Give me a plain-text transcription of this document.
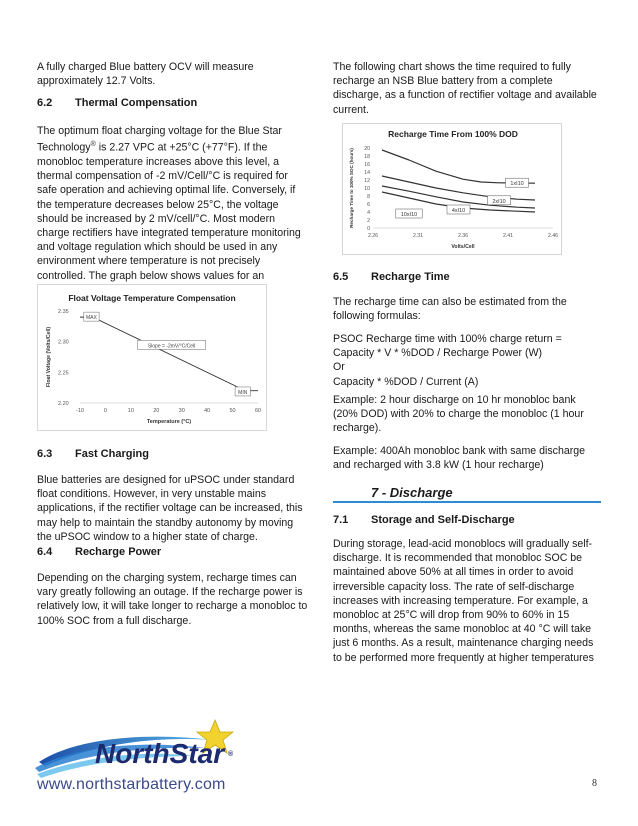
A fully charged Blue battery OCV will measure approximately 12.7 Volts.

6.2 Thermal Compensation

The optimum float charging voltage for the Blue Star Technology® is 2.27 VPC at +25°C (+77°F). If the monobloc temperature increases above this level, a thermal compensation of -2 mV/Cell/°C is required for safe operation and achieving optimal life. Conversely, if the temperature decreases below 25°C, the voltage should be increased by 2 mV/cell/°C. Most modern charge rectifiers have integrated temperature monitoring and voltage regulation which should be used in any environment where temperature is not precisely controlled. The graph below shows values for an

Float Voltage Temperature Compensation
2.35
2.30
2.25
2.20
-10	0	10	20	30	40	50	60
Temperature (°C)
Float Voltage (Volts/Cell)
MAX
Slope = -2mV/°C/Cell
MIN
6.3 Fast Charging

Blue batteries are designed for uPSOC under standard float conditions. However, in very unstable mains applications, if the rectifier voltage can be increased, this may help to maintain the standby autonomy by moving the uPSOC window to a higher state of charge.

6.4 Recharge Power

Depending on the charging system, recharge times can vary greatly following an outage. If the recharge power is relatively low, it will take longer to recharge a monobloc to 100% SOC from a full discharge.

The following chart shows the time required to fully recharge an NSB Blue battery from a complete discharge, as a function of rectifier voltage and available current.

Recharge Time From 100% DOD
0
2
4
6
8
10
12
14
16
18
20
2.26	2.31	2.36	2.41	2.46
Volts/Cell
Recharge Time to 100% SOC (hours)	1xI10
2xI10
4xI10
10xI10
6.5 Recharge Time

The recharge time can also be estimated from the following formulas:

PSOC Recharge time with 100% charge return =
Capacity * V * %DOD / Recharge Power (W)
Or
Capacity * %DOD / Current (A)

Example: 2 hour discharge on 10 hr monobloc bank (20% DOD) with 20% to charge the monobloc (1 hour recharge).

Example: 400Ah monobloc bank with same discharge and recharged with 3.8 kW (1 hour recharge)

7 - Discharge
7.1 Storage and Self-Discharge

During storage, lead-acid monoblocs will gradually self-discharge. It is recommended that monobloc SOC be maintained above 50% at all times in order to avoid irreversible capacity loss. The rate of self-discharge increases with increasing temperature. For example, a monobloc at 25°C will drop from 90% to 60% in 15 months, whereas the same monobloc at 40 °C will take just 6 months. As a result, maintenance charging needs to be performed more frequently at higher temperatures

NorthStar ®
www.northstarbattery.com	8
